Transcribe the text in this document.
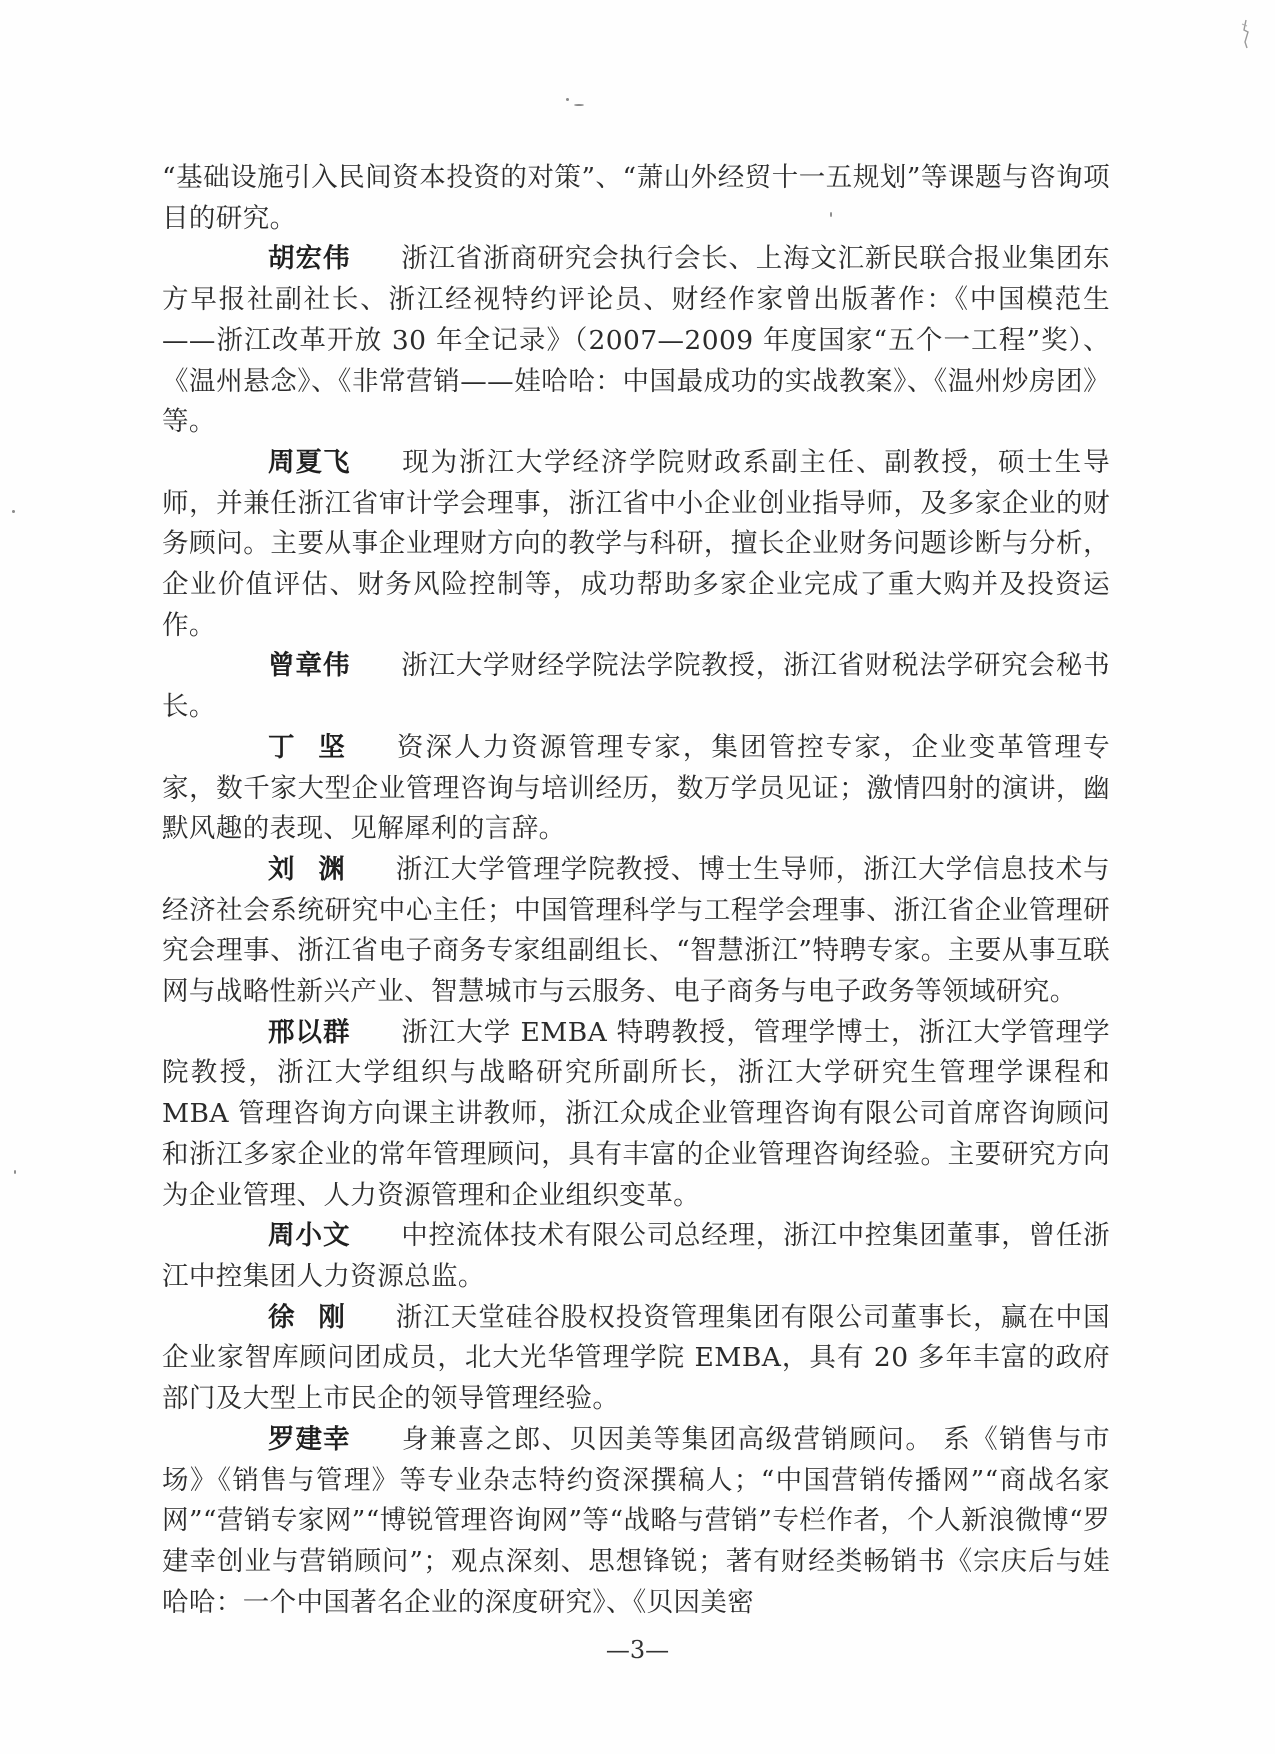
“基础设施引入民间资本投资的对策”、“萧山外经贸十一五规划”等课题与咨询项目的研究。

胡宏伟 浙江省浙商研究会执行会长、上海文汇新民联合报业集团东方早报社副社长、浙江经视特约评论员、财经作家曾出版著作：《中国模范生——浙江改革开放 30 年全记录》（2007—2009 年度国家“五个一工程”奖）、《温州悬念》、《非常营销——娃哈哈：中国最成功的实战教案》、《温州炒房团》等。

周夏飞 现为浙江大学经济学院财政系副主任、副教授，硕士生导师，并兼任浙江省审计学会理事，浙江省中小企业创业指导师，及多家企业的财务顾问。主要从事企业理财方向的教学与科研，擅长企业财务问题诊断与分析，企业价值评估、财务风险控制等，成功帮助多家企业完成了重大购并及投资运作。

曾章伟 浙江大学财经学院法学院教授，浙江省财税法学研究会秘书长。

丁坚 资深人力资源管理专家，集团管控专家，企业变革管理专家，数千家大型企业管理咨询与培训经历，数万学员见证；激情四射的演讲，幽默风趣的表现、见解犀利的言辞。

刘渊 浙江大学管理学院教授、博士生导师，浙江大学信息技术与经济社会系统研究中心主任；中国管理科学与工程学会理事、浙江省企业管理研究会理事、浙江省电子商务专家组副组长、“智慧浙江”特聘专家。主要从事互联网与战略性新兴产业、智慧城市与云服务、电子商务与电子政务等领域研究。

邢以群 浙江大学 EMBA 特聘教授，管理学博士，浙江大学管理学院教授，浙江大学组织与战略研究所副所长，浙江大学研究生管理学课程和 MBA 管理咨询方向课主讲教师，浙江众成企业管理咨询有限公司首席咨询顾问和浙江多家企业的常年管理顾问，具有丰富的企业管理咨询经验。主要研究方向为企业管理、人力资源管理和企业组织变革。

周小文 中控流体技术有限公司总经理，浙江中控集团董事，曾任浙江中控集团人力资源总监。

徐刚 浙江天堂硅谷股权投资管理集团有限公司董事长，赢在中国企业家智库顾问团成员，北大光华管理学院 EMBA，具有 20 多年丰富的政府部门及大型上市民企的领导管理经验。

罗建幸 身兼喜之郎、贝因美等集团高级营销顾问。 系《销售与市场》《销售与管理》等专业杂志特约资深撰稿人；“中国营销传播网”“商战名家网”“营销专家网”“博锐管理咨询网”等“战略与营销”专栏作者，个人新浪微博“罗建幸创业与营销顾问”；观点深刻、思想锋锐；著有财经类畅销书《宗庆后与娃哈哈：一个中国著名企业的深度研究》、《贝因美密

—3—
